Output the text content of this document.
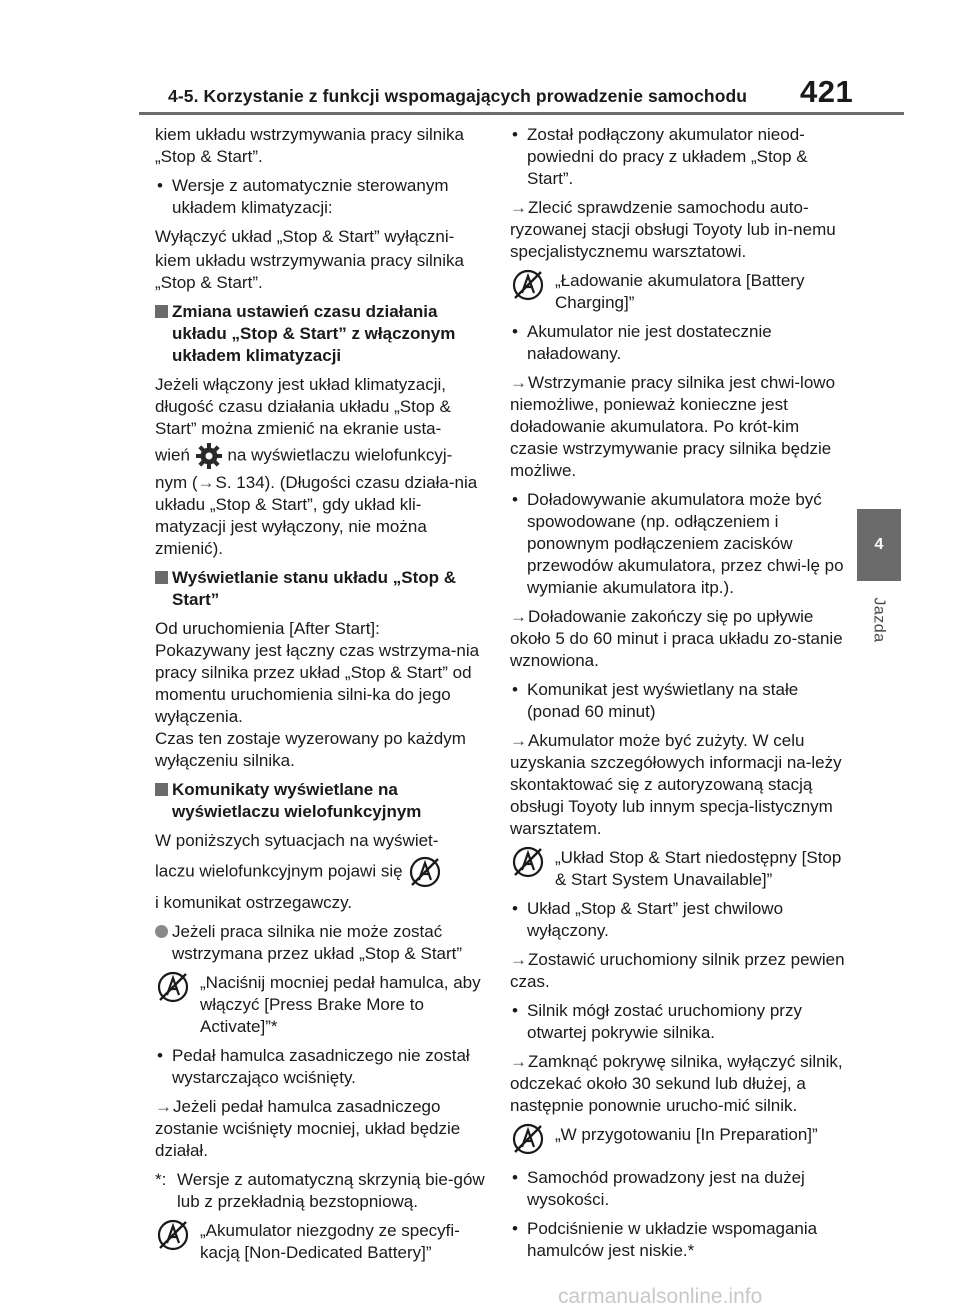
4-5. Korzystanie z funkcji wspomagających prowadzenie samochodu 421
4
Jazda

kiem układu wstrzymywania pracy silnika „Stop & Start”.

• Wersje z automatycznie sterowanym układem klimatyzacji:

Wyłączyć układ „Stop & Start” wyłączni-

kiem układu wstrzymywania pracy silnika „Stop & Start”.

Zmiana ustawień czasu działania układu „Stop & Start” z włączonym układem klimatyzacji

Jeżeli włączony jest układ klimatyzacji, długość czasu działania układu „Stop & Start” można zmienić na ekranie usta-

wień na wyświetlaczu wielofunkcyj-

nym (→S. 134). (Długości czasu działa-nia układu „Stop & Start”, gdy układ kli-matyzacji jest wyłączony, nie można zmienić).

Wyświetlanie stanu układu „Stop & Start”

Od uruchomienia [After Start]:

Pokazywany jest łączny czas wstrzyma-nia pracy silnika przez układ „Stop & Start” od momentu uruchomienia silni-ka do jego wyłączenia.

Czas ten zostaje wyzerowany po każdym wyłączeniu silnika.

Komunikaty wyświetlane na wyświetlaczu wielofunkcyjnym

W poniższych sytuacjach na wyświet-

laczu wielofunkcyjnym pojawi się

i komunikat ostrzegawczy.

Jeżeli praca silnika nie może zostać wstrzymana przez układ „Stop & Start”
„Naciśnij mocniej pedał hamulca, aby włączyć [Press Brake More to Activate]”*
• Pedał hamulca zasadniczego nie został wystarczająco wciśnięty.

→Jeżeli pedał hamulca zasadniczego zostanie wciśnięty mocniej, układ będzie działał.

*: Wersje z automatyczną skrzynią bie-gów lub z przekładnią bezstopniową.
„Akumulator niezgodny ze specyfi-kacją [Non-Dedicated Battery]”
• Został podłączony akumulator nieod-powiedni do pracy z układem „Stop & Start”.

→Zlecić sprawdzenie samochodu auto-ryzowanej stacji obsługi Toyoty lub in-nemu specjalistycznemu warsztatowi.

„Ładowanie akumulatora [Battery Charging]”
• Akumulator nie jest dostatecznie naładowany.

→Wstrzymanie pracy silnika jest chwi-lowo niemożliwe, ponieważ konieczne jest doładowanie akumulatora. Po krót-kim czasie wstrzymywanie pracy silnika będzie możliwe.

• Doładowywanie akumulatora może być spowodowane (np. odłączeniem i ponownym podłączeniem zacisków przewodów akumulatora, przez chwi-lę po wymianie akumulatora itp.).

→Doładowanie zakończy się po upływie około 5 do 60 minut i praca układu zo-stanie wznowiona.

• Komunikat jest wyświetlany na stałe (ponad 60 minut)

→Akumulator może być zużyty. W celu uzyskania szczegółowych informacji na-leży skontaktować się z autoryzowaną stacją obsługi Toyoty lub innym specja-listycznym warsztatem.

„Układ Stop & Start niedostępny [Stop & Start System Unavailable]”
• Układ „Stop & Start” jest chwilowo wyłączony.

→Zostawić uruchomiony silnik przez pewien czas.

• Silnik mógł zostać uruchomiony przy otwartej pokrywie silnika.

→Zamknąć pokrywę silnika, wyłączyć silnik, odczekać około 30 sekund lub dłużej, a następnie ponownie urucho-mić silnik.

„W przygotowaniu [In Preparation]”
• Samochód prowadzony jest na dużej wysokości.
• Podciśnienie w układzie wspomagania hamulców jest niskie.*
carmanualsonline.info
